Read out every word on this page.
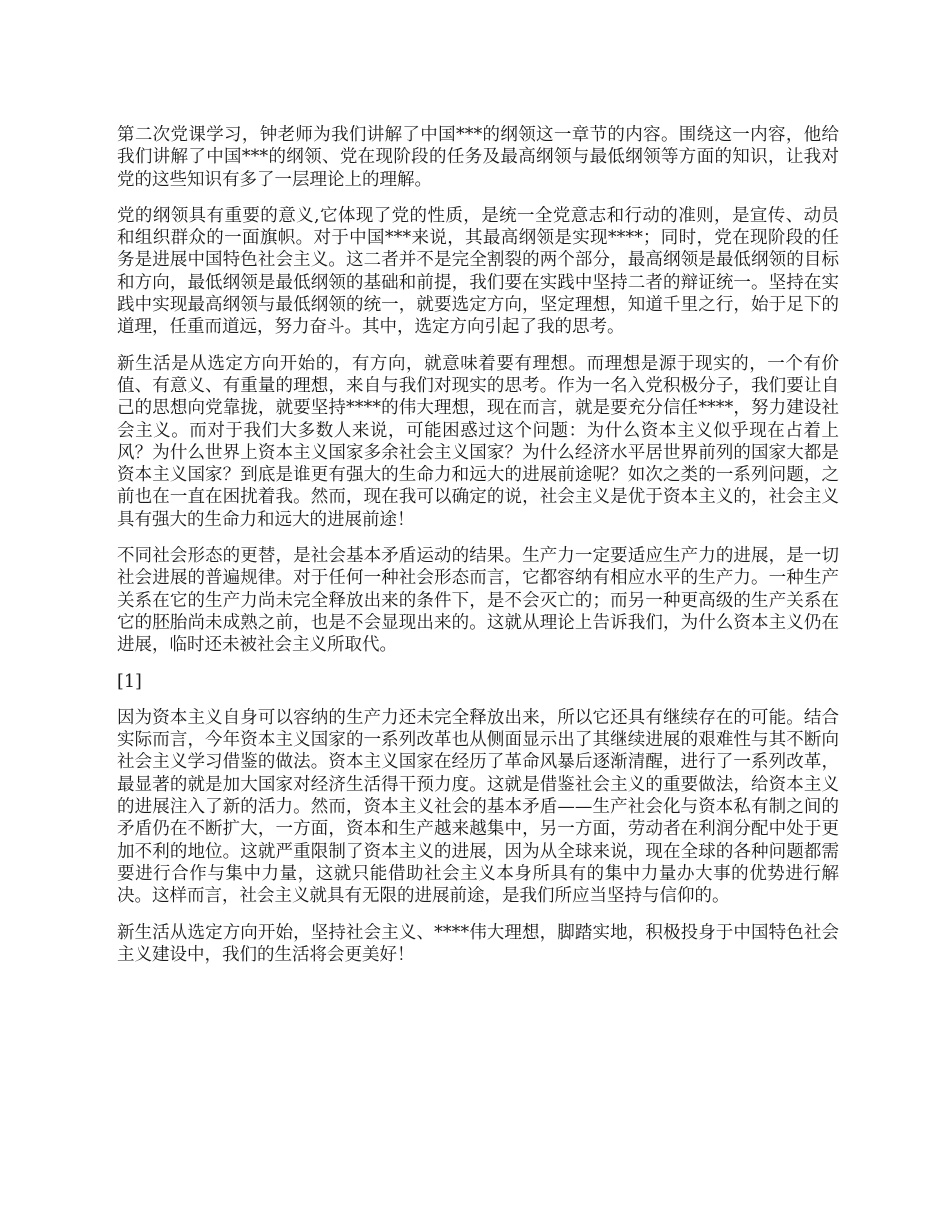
第二次党课学习，钟老师为我们讲解了中国***的纲领这一章节的内容。围绕这一内容，他给我们讲解了中国***的纲领、党在现阶段的任务及最高纲领与最低纲领等方面的知识，让我对党的这些知识有多了一层理论上的理解。

党的纲领具有重要的意义,它体现了党的性质，是统一全党意志和行动的准则，是宣传、动员和组织群众的一面旗帜。对于中国***来说，其最高纲领是实现****；同时，党在现阶段的任务是进展中国特色社会主义。这二者并不是完全割裂的两个部分，最高纲领是最低纲领的目标和方向，最低纲领是最低纲领的基础和前提，我们要在实践中坚持二者的辩证统一。坚持在实践中实现最高纲领与最低纲领的统一，就要选定方向，坚定理想，知道千里之行，始于足下的道理，任重而道远，努力奋斗。其中，选定方向引起了我的思考。

新生活是从选定方向开始的，有方向，就意味着要有理想。而理想是源于现实的，一个有价值、有意义、有重量的理想，来自与我们对现实的思考。作为一名入党积极分子，我们要让自己的思想向党靠拢，就要坚持****的伟大理想，现在而言，就是要充分信任****，努力建设社会主义。而对于我们大多数人来说，可能困惑过这个问题：为什么资本主义似乎现在占着上风？为什么世界上资本主义国家多余社会主义国家？为什么经济水平居世界前列的国家大都是资本主义国家？到底是谁更有强大的生命力和远大的进展前途呢？如次之类的一系列问题，之前也在一直在困扰着我。然而，现在我可以确定的说，社会主义是优于资本主义的，社会主义具有强大的生命力和远大的进展前途！

不同社会形态的更替，是社会基本矛盾运动的结果。生产力一定要适应生产力的进展，是一切社会进展的普遍规律。对于任何一种社会形态而言，它都容纳有相应水平的生产力。一种生产关系在它的生产力尚未完全释放出来的条件下，是不会灭亡的；而另一种更高级的生产关系在它的胚胎尚未成熟之前，也是不会显现出来的。这就从理论上告诉我们，为什么资本主义仍在进展，临时还未被社会主义所取代。

[1]

因为资本主义自身可以容纳的生产力还未完全释放出来，所以它还具有继续存在的可能。结合实际而言，今年资本主义国家的一系列改革也从侧面显示出了其继续进展的艰难性与其不断向社会主义学习借鉴的做法。资本主义国家在经历了革命风暴后逐渐清醒，进行了一系列改革，最显著的就是加大国家对经济生活得干预力度。这就是借鉴社会主义的重要做法，给资本主义的进展注入了新的活力。然而，资本主义社会的基本矛盾——生产社会化与资本私有制之间的矛盾仍在不断扩大，一方面，资本和生产越来越集中，另一方面，劳动者在利润分配中处于更加不利的地位。这就严重限制了资本主义的进展，因为从全球来说，现在全球的各种问题都需要进行合作与集中力量，这就只能借助社会主义本身所具有的集中力量办大事的优势进行解决。这样而言，社会主义就具有无限的进展前途，是我们所应当坚持与信仰的。

新生活从选定方向开始，坚持社会主义、****伟大理想，脚踏实地，积极投身于中国特色社会主义建设中，我们的生活将会更美好！
